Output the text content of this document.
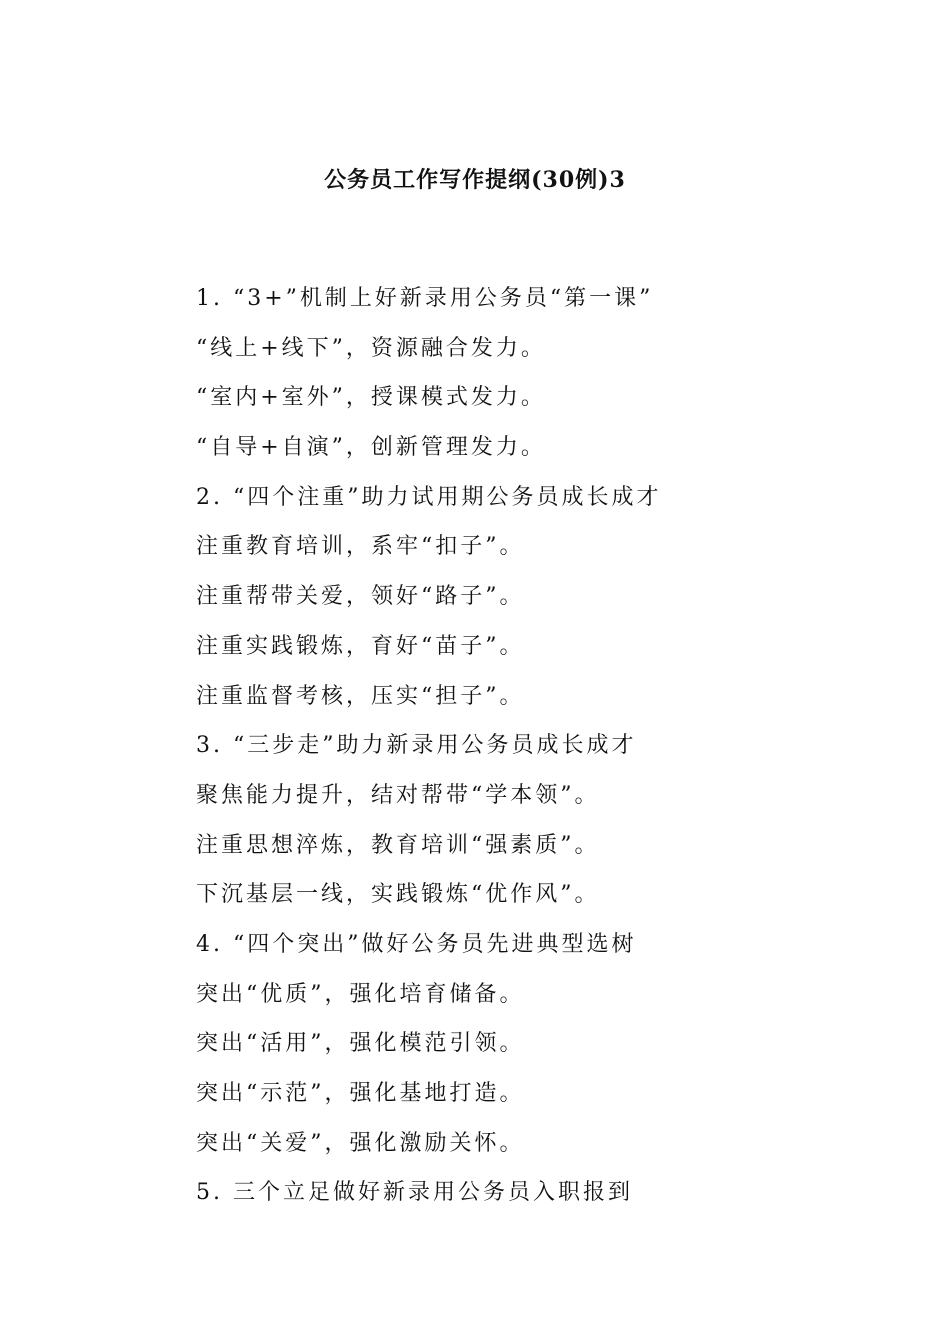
公务员工作写作提纲(30例)3
1. “3+”机制上好新录用公务员“第一课”
“线上+线下”，资源融合发力。
“室内+室外”，授课模式发力。
“自导+自演”，创新管理发力。
2. “四个注重”助力试用期公务员成长成才
注重教育培训，系牢“扣子”。
注重帮带关爱，领好“路子”。
注重实践锻炼，育好“苗子”。
注重监督考核，压实“担子”。
3. “三步走”助力新录用公务员成长成才
聚焦能力提升，结对帮带“学本领”。
注重思想淬炼，教育培训“强素质”。
下沉基层一线，实践锻炼“优作风”。
4. “四个突出”做好公务员先进典型选树
突出“优质”，强化培育储备。
突出“活用”，强化模范引领。
突出“示范”，强化基地打造。
突出“关爱”，强化激励关怀。
5. 三个立足做好新录用公务员入职报到
